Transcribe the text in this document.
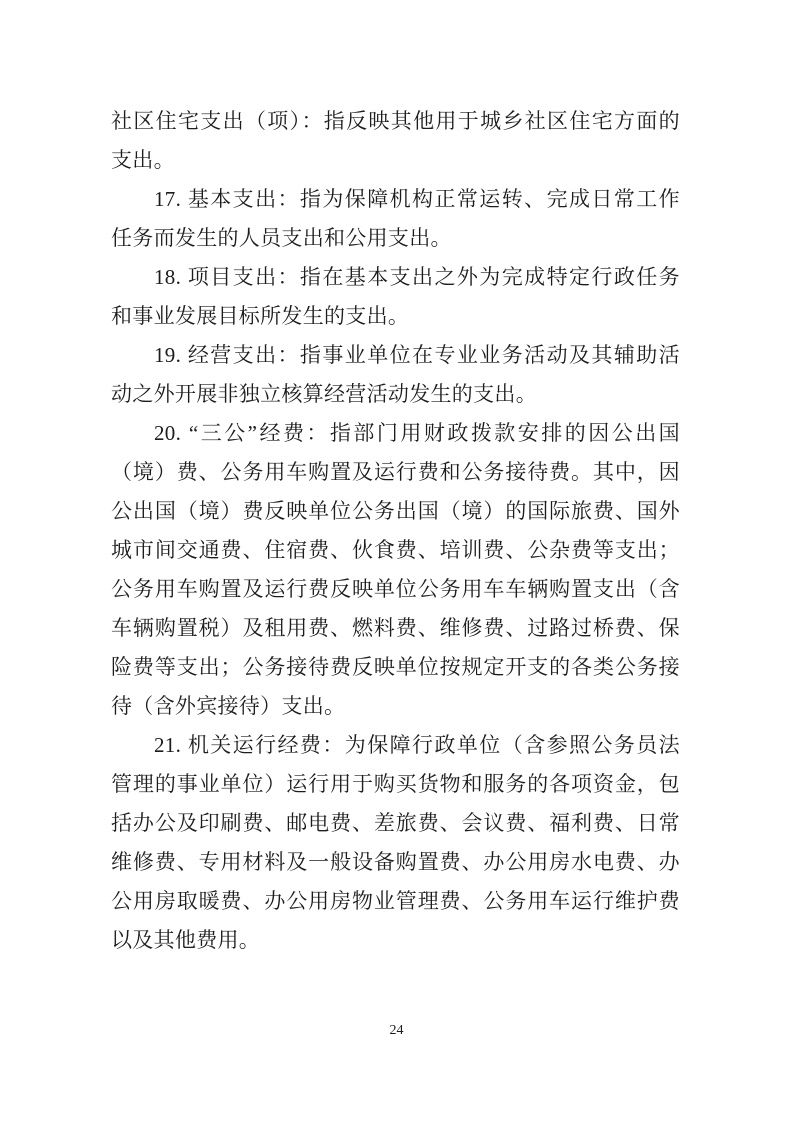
社区住宅支出（项）：指反映其他用于城乡社区住宅方面的
支出。
17. 基本支出：指为保障机构正常运转、完成日常工作
任务而发生的人员支出和公用支出。
18. 项目支出：指在基本支出之外为完成特定行政任务
和事业发展目标所发生的支出。
19. 经营支出：指事业单位在专业业务活动及其辅助活
动之外开展非独立核算经营活动发生的支出。
20. “三公”经费：指部门用财政拨款安排的因公出国
（境）费、公务用车购置及运行费和公务接待费。其中，因
公出国（境）费反映单位公务出国（境）的国际旅费、国外
城市间交通费、住宿费、伙食费、培训费、公杂费等支出；
公务用车购置及运行费反映单位公务用车车辆购置支出（含
车辆购置税）及租用费、燃料费、维修费、过路过桥费、保
险费等支出；公务接待费反映单位按规定开支的各类公务接
待（含外宾接待）支出。
21. 机关运行经费：为保障行政单位（含参照公务员法
管理的事业单位）运行用于购买货物和服务的各项资金，包
括办公及印刷费、邮电费、差旅费、会议费、福利费、日常
维修费、专用材料及一般设备购置费、办公用房水电费、办
公用房取暖费、办公用房物业管理费、公务用车运行维护费
以及其他费用。
24
